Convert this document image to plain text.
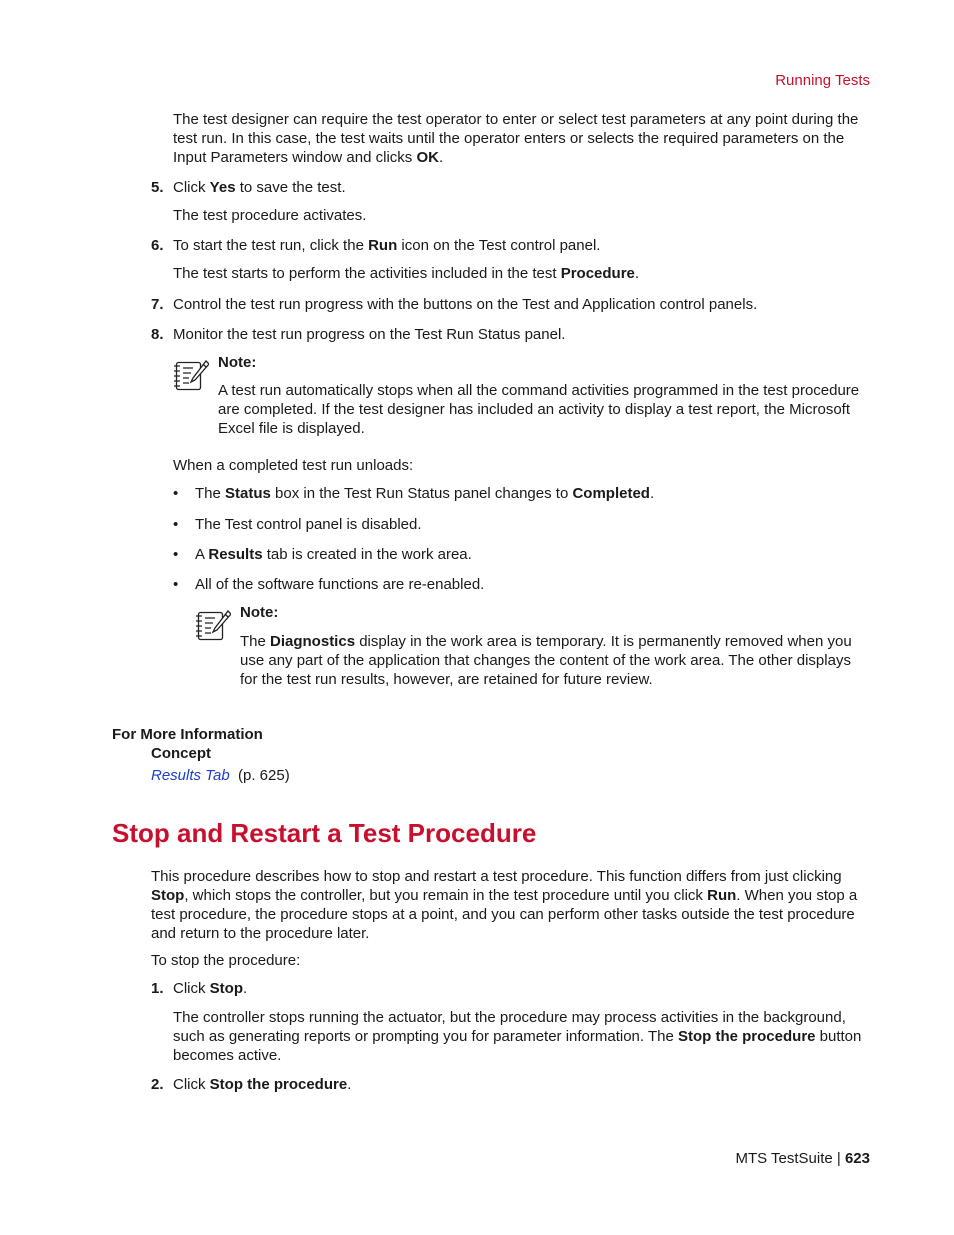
Running Tests
The test designer can require the test operator to enter or select test parameters at any point during the test run. In this case, the test waits until the operator enters or selects the required parameters on the Input Parameters window and clicks OK.
5. Click Yes to save the test.
The test procedure activates.
6. To start the test run, click the Run icon on the Test control panel.
The test starts to perform the activities included in the test Procedure.
7. Control the test run progress with the buttons on the Test and Application control panels.
8. Monitor the test run progress on the Test Run Status panel.
Note:
A test run automatically stops when all the command activities programmed in the test procedure are completed. If the test designer has included an activity to display a test report, the Microsoft Excel file is displayed.
When a completed test run unloads:
• The Status box in the Test Run Status panel changes to Completed.
• The Test control panel is disabled.
• A Results tab is created in the work area.
• All of the software functions are re-enabled.
Note:
The Diagnostics display in the work area is temporary. It is permanently removed when you use any part of the application that changes the content of the work area. The other displays for the test run results, however, are retained for future review.
For More Information
Concept
Results Tab (p. 625)
Stop and Restart a Test Procedure
This procedure describes how to stop and restart a test procedure. This function differs from just clicking Stop, which stops the controller, but you remain in the test procedure until you click Run. When you stop a test procedure, the procedure stops at a point, and you can perform other tasks outside the test procedure and return to the procedure later.
To stop the procedure:
1. Click Stop.
The controller stops running the actuator, but the procedure may process activities in the background, such as generating reports or prompting you for parameter information. The Stop the procedure button becomes active.
2. Click Stop the procedure.
MTS TestSuite | 623
